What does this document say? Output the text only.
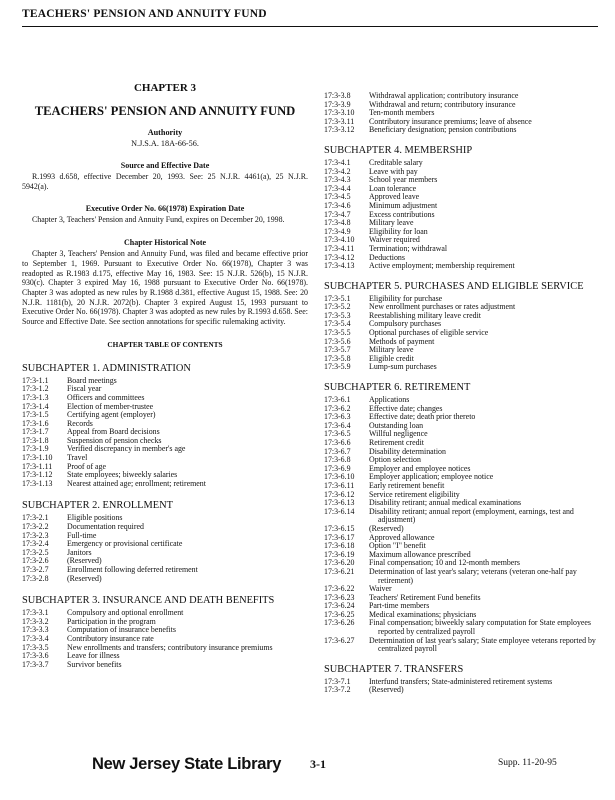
TEACHERS' PENSION AND ANNUITY FUND
CHAPTER 3
TEACHERS' PENSION AND ANNUITY FUND
Authority
N.J.S.A. 18A-66-56.
Source and Effective Date
R.1993 d.658, effective December 20, 1993. See: 25 N.J.R. 4461(a), 25 N.J.R. 5942(a).
Executive Order No. 66(1978) Expiration Date
Chapter 3, Teachers' Pension and Annuity Fund, expires on December 20, 1998.
Chapter Historical Note
Chapter 3, Teachers' Pension and Annuity Fund, was filed and became effective prior to September 1, 1969. Pursuant to Executive Order No. 66(1978), Chapter 3 was readopted as R.1983 d.175, effective May 16, 1983. See: 15 N.J.R. 526(b), 15 N.J.R. 930(c). Chapter 3 expired May 16, 1988 pursuant to Executive Order No. 66(1978). Chapter 3 was adopted as new rules by R.1988 d.381, effective August 15, 1988. See: 20 N.J.R. 1181(b), 20 N.J.R. 2072(b). Chapter 3 expired August 15, 1993 pursuant to Executive Order No. 66(1978). Chapter 3 was adopted as new rules by R.1993 d.658. See: Source and Effective Date. See section annotations for specific rulemaking activity.
CHAPTER TABLE OF CONTENTS
SUBCHAPTER 1. ADMINISTRATION
17:3-1.1	Board meetings
17:3-1.2	Fiscal year
17:3-1.3	Officers and committees
17:3-1.4	Election of member-trustee
17:3-1.5	Certifying agent (employer)
17:3-1.6	Records
17:3-1.7	Appeal from Board decisions
17:3-1.8	Suspension of pension checks
17:3-1.9	Verified discrepancy in member's age
17:3-1.10	Travel
17:3-1.11	Proof of age
17:3-1.12	State employees; biweekly salaries
17:3-1.13	Nearest attained age; enrollment; retirement
SUBCHAPTER 2. ENROLLMENT
17:3-2.1	Eligible positions
17:3-2.2	Documentation required
17:3-2.3	Full-time
17:3-2.4	Emergency or provisional certificate
17:3-2.5	Janitors
17:3-2.6	(Reserved)
17:3-2.7	Enrollment following deferred retirement
17:3-2.8	(Reserved)
SUBCHAPTER 3. INSURANCE AND DEATH BENEFITS
17:3-3.1	Compulsory and optional enrollment
17:3-3.2	Participation in the program
17:3-3.3	Computation of insurance benefits
17:3-3.4	Contributory insurance rate
17:3-3.5	New enrollments and transfers; contributory insurance premiums
17:3-3.6	Leave for illness
17:3-3.7	Survivor benefits
17:3-3.8	Withdrawal application; contributory insurance
17:3-3.9	Withdrawal and return; contributory insurance
17:3-3.10	Ten-month members
17:3-3.11	Contributory insurance premiums; leave of absence
17:3-3.12	Beneficiary designation; pension contributions
SUBCHAPTER 4. MEMBERSHIP
17:3-4.1	Creditable salary
17:3-4.2	Leave with pay
17:3-4.3	School year members
17:3-4.4	Loan tolerance
17:3-4.5	Approved leave
17:3-4.6	Minimum adjustment
17:3-4.7	Excess contributions
17:3-4.8	Military leave
17:3-4.9	Eligibility for loan
17:3-4.10	Waiver required
17:3-4.11	Termination; withdrawal
17:3-4.12	Deductions
17:3-4.13	Active employment; membership requirement
SUBCHAPTER 5. PURCHASES AND ELIGIBLE SERVICE
17:3-5.1	Eligibility for purchase
17:3-5.2	New enrollment purchases or rates adjustment
17:3-5.3	Reestablishing military leave credit
17:3-5.4	Compulsory purchases
17:3-5.5	Optional purchases of eligible service
17:3-5.6	Methods of payment
17:3-5.7	Military leave
17:3-5.8	Eligible credit
17:3-5.9	Lump-sum purchases
SUBCHAPTER 6. RETIREMENT
17:3-6.1	Applications
17:3-6.2	Effective date; changes
17:3-6.3	Effective date; death prior thereto
17:3-6.4	Outstanding loan
17:3-6.5	Willful negligence
17:3-6.6	Retirement credit
17:3-6.7	Disability determination
17:3-6.8	Option selection
17:3-6.9	Employer and employee notices
17:3-6.10	Employer application; employee notice
17:3-6.11	Early retirement benefit
17:3-6.12	Service retirement eligibility
17:3-6.13	Disability retirant; annual medical examinations
17:3-6.14	Disability retirant; annual report (employment, earnings, test and adjustment)
17:3-6.15	(Reserved)
17:3-6.17	Approved allowance
17:3-6.18	Option "I" benefit
17:3-6.19	Maximum allowance prescribed
17:3-6.20	Final compensation; 10 and 12-month members
17:3-6.21	Determination of last year's salary; veterans (veteran one-half pay retirement)
17:3-6.22	Waiver
17:3-6.23	Teachers' Retirement Fund benefits
17:3-6.24	Part-time members
17:3-6.25	Medical examinations; physicians
17:3-6.26	Final compensation; biweekly salary computation for State employees reported by centralized payroll
17:3-6.27	Determination of last year's salary; State employee veterans reported by centralized payroll
SUBCHAPTER 7. TRANSFERS
17:3-7.1	Interfund transfers; State-administered retirement systems
17:3-7.2	(Reserved)
New Jersey State Library 3-1	Supp. 11-20-95
